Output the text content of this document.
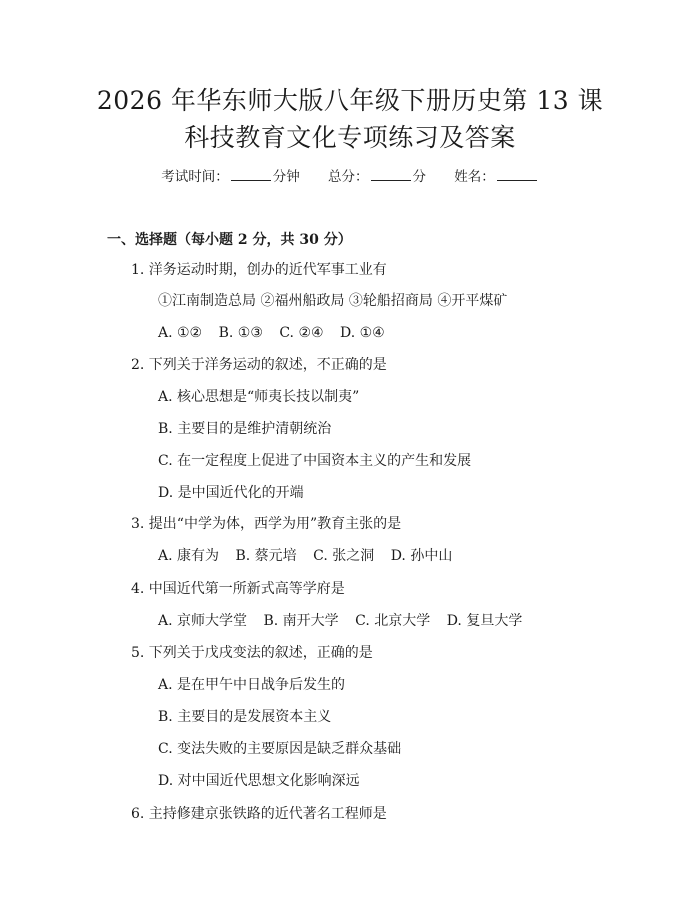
2026 年华东师大版八年级下册历史第 13 课
科技教育文化专项练习及答案
考试时间：	分钟 总分：	分 姓名：
一、选择题（每小题 2 分，共 30 分）
1. 洋务运动时期，创办的近代军事工业有
①江南制造总局 ②福州船政局 ③轮船招商局 ④开平煤矿
A. ①② B. ①③ C. ②④ D. ①④
2. 下列关于洋务运动的叙述，不正确的是
A. 核心思想是“师夷长技以制夷”
B. 主要目的是维护清朝统治
C. 在一定程度上促进了中国资本主义的产生和发展
D. 是中国近代化的开端
3. 提出“中学为体，西学为用”教育主张的是
A. 康有为 B. 蔡元培 C. 张之洞 D. 孙中山
4. 中国近代第一所新式高等学府是
A. 京师大学堂 B. 南开大学 C. 北京大学 D. 复旦大学
5. 下列关于戊戌变法的叙述，正确的是
A. 是在甲午中日战争后发生的
B. 主要目的是发展资本主义
C. 变法失败的主要原因是缺乏群众基础
D. 对中国近代思想文化影响深远
6. 主持修建京张铁路的近代著名工程师是
